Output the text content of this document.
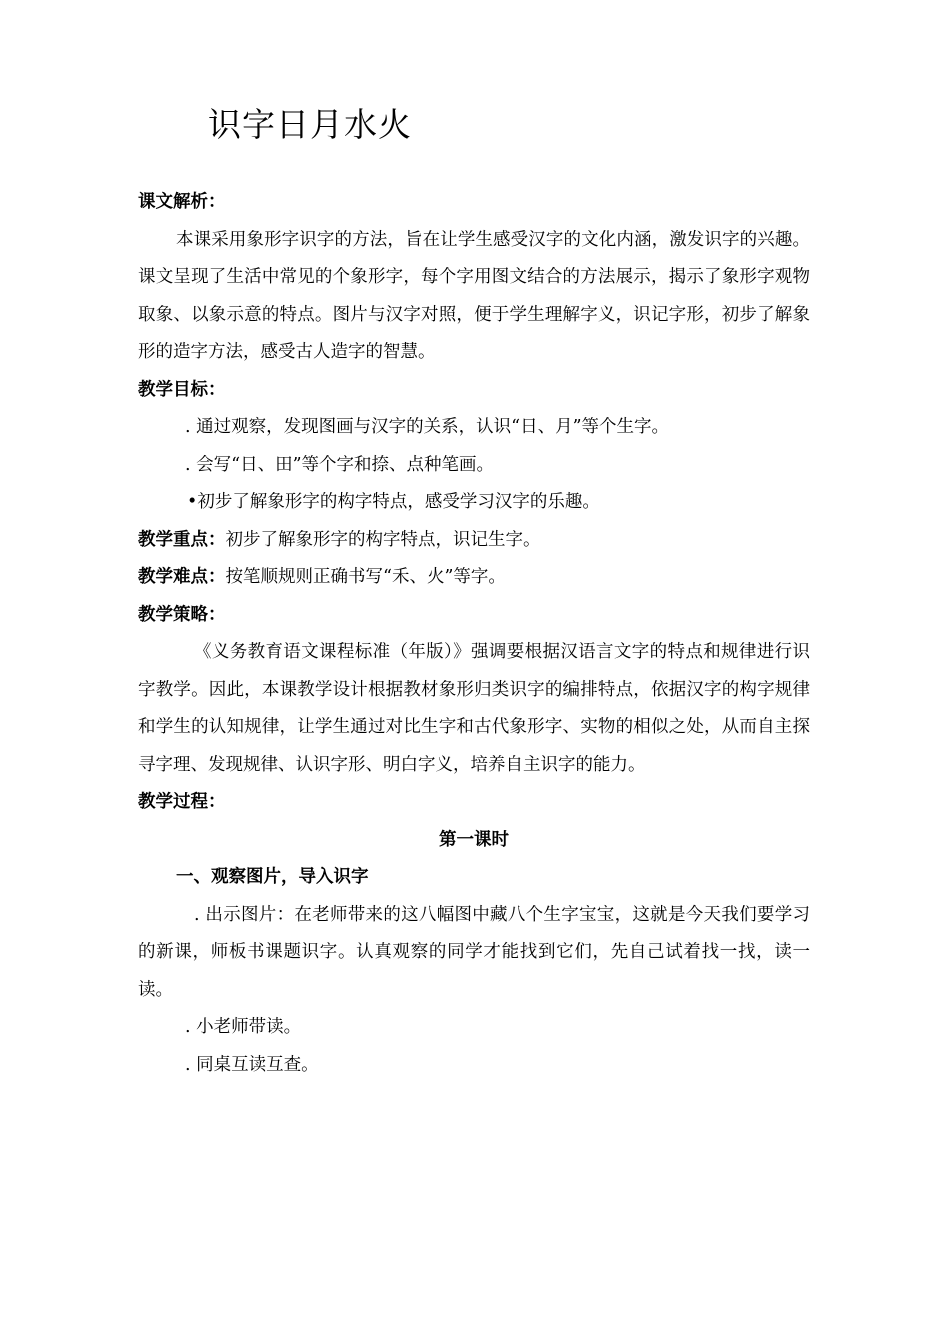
识字日月水火

课文解析：

本课采用象形字识字的方法，旨在让学生感受汉字的文化内涵，激发识字的兴趣。课文呈现了生活中常见的个象形字，每个字用图文结合的方法展示，揭示了象形字观物取象、以象示意的特点。图片与汉字对照，便于学生理解字义，识记字形，初步了解象形的造字方法，感受古人造字的智慧。

教学目标：

. 通过观察，发现图画与汉字的关系，认识“日、月”等个生字。

. 会写“日、田”等个字和捺、点种笔画。

•初步了解象形字的构字特点，感受学习汉字的乐趣。

教学重点：初步了解象形字的构字特点，识记生字。

教学难点：按笔顺规则正确书写“禾、火”等字。

教学策略：

《义务教育语文课程标准（年版）》强调要根据汉语言文字的特点和规律进行识字教学。因此，本课教学设计根据教材象形归类识字的编排特点，依据汉字的构字规律和学生的认知规律，让学生通过对比生字和古代象形字、实物的相似之处，从而自主探寻字理、发现规律、认识字形、明白字义，培养自主识字的能力。

教学过程：

第一课时

一、观察图片，导入识字

. 出示图片：在老师带来的这八幅图中藏八个生字宝宝，这就是今天我们要学习的新课，师板书课题识字。认真观察的同学才能找到它们，先自己试着找一找，读一读。

. 小老师带读。

. 同桌互读互查。
